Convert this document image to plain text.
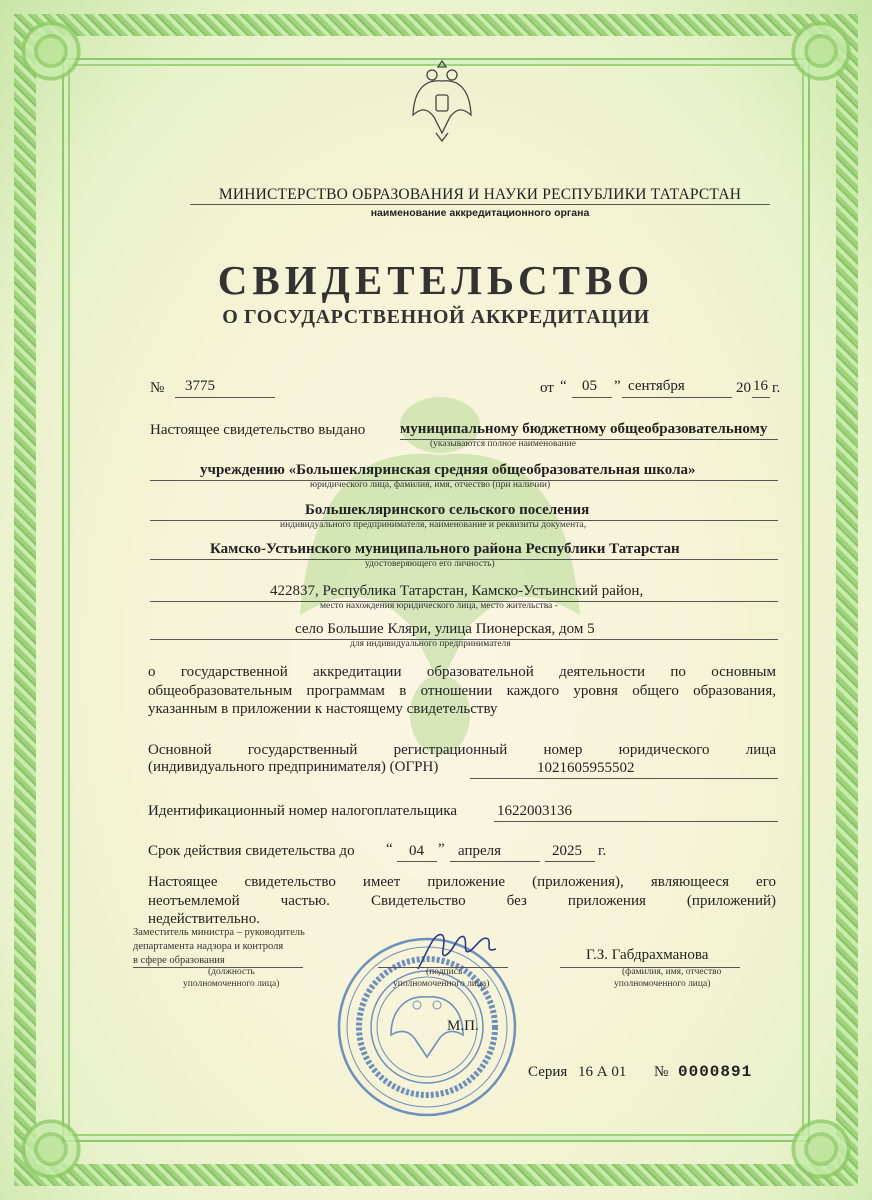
МИНИСТЕРСТВО ОБРАЗОВАНИЯ И НАУКИ РЕСПУБЛИКИ ТАТАРСТАН
наименование аккредитационного органа
СВИДЕТЕЛЬСТВО
О ГОСУДАРСТВЕННОЙ АККРЕДИТАЦИИ
№ 3775	от “ 05 ” сентября	20 16 г.
Настоящее свидетельство выдано муниципальному бюджетному общеобразовательному
(указываются полное наименование
учреждению «Большекляринская средняя общеобразовательная школа»
юридического лица, фамилия, имя, отчество (при наличии)
Большекляринского сельского поселения
индивидуального предпринимателя, наименование и реквизиты документа,
Камско-Устьинского муниципального района Республики Татарстан
удостоверяющего его личность)
422837, Республика Татарстан, Камско-Устьинский район,
место нахождения юридического лица, место жительства -
село Большие Кляри, улица Пионерская, дом 5
для индивидуального предпринимателя

о государственной аккредитации образовательной деятельности по основным

общеобразовательным программам в отношении каждого уровня общего образования,

указанным в приложении к настоящему свидетельству

Основной государственный регистрационный номер юридического лица

(индивидуального предпринимателя) (ОГРН)	1021605955502
Идентификационный номер налогоплательщика	1622003136
Срок действия свидетельства до “ 04 ” апреля	2025 г.

Настоящее свидетельство имеет приложение (приложения), являющееся его

неотъемлемой частью. Свидетельство без приложения (приложений)

недействительно.

Заместитель министра – руководитель
департамента надзора и контроля
в сфере образования
(должность
уполномоченного лица)
(подпись
уполномоченного лица)
Г.З. Габдрахманова
(фамилия, имя, отчество
уполномоченного лица)
М.П.
Серия 16 А 01 № 0000891
